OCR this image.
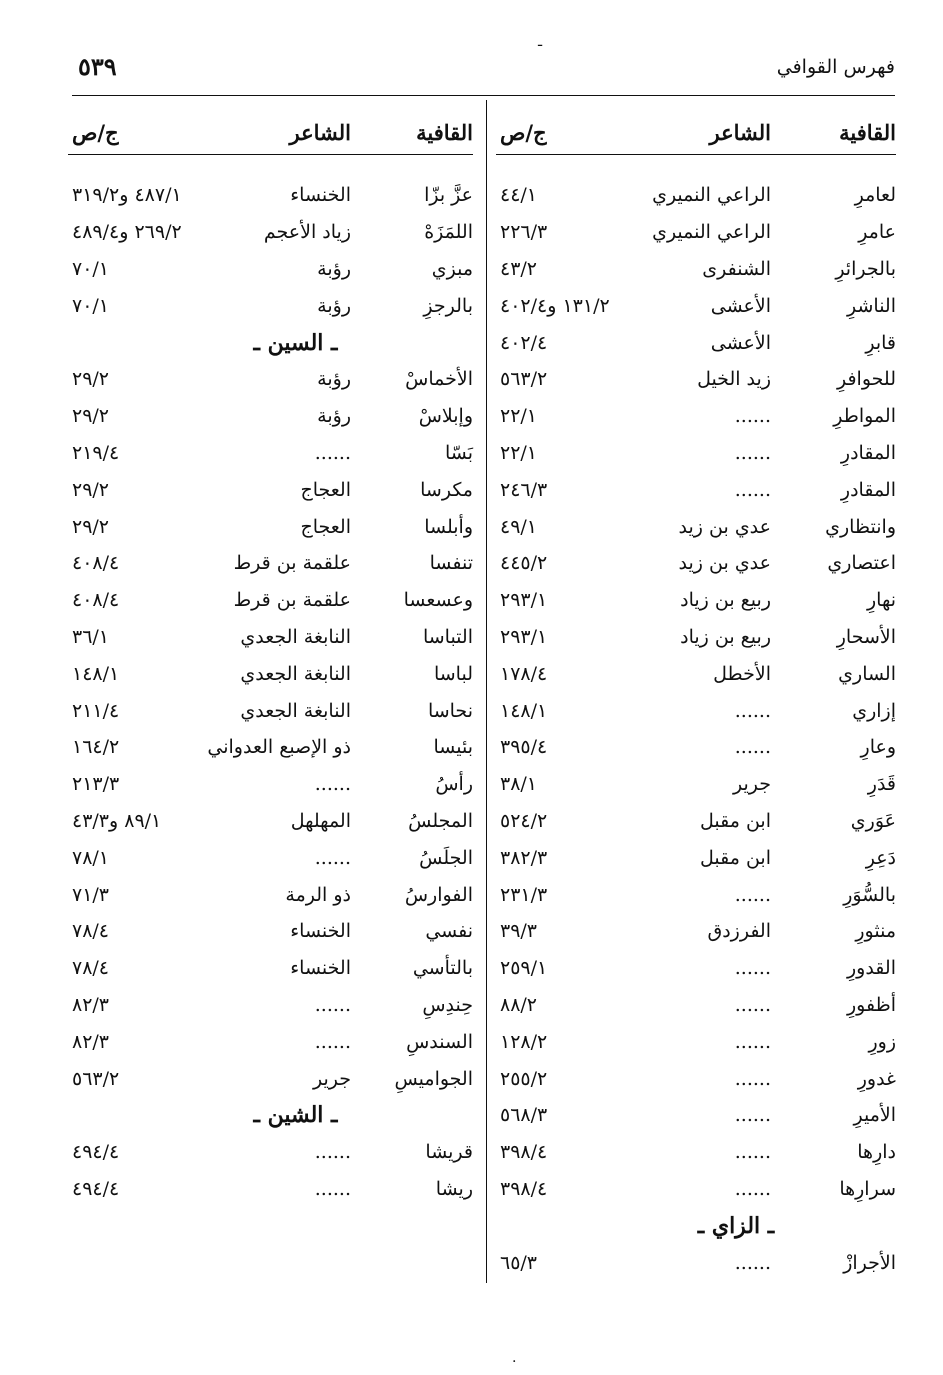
ـ
٥٣٩	فهرس القوافي
القافية
الشاعر
ج/ص
لعامرِ
الراعي النميري
٤٤/١
عامرِ
الراعي النميري
٢٢٦/٣
بالجرائرِ
الشنفرى
٤٣/٢
الناشرِ
الأعشى
١٣١/٢ و٤٠٢/٤
قابرِ
الأعشى
٤٠٢/٤
للحوافرِ
زيد الخيل
٥٦٣/٢
المواطرِ
......
٢٢/١
المقادرِ
......
٢٢/١
المقادرِ
......
٢٤٦/٣
وانتظاري
عدي بن زيد
٤٩/١
اعتصاري
عدي بن زيد
٤٤٥/٢
نهارِ
ربيع بن زياد
٢٩٣/١
الأسحارِ
ربيع بن زياد
٢٩٣/١
الساري
الأخطل
١٧٨/٤
إزاري
......
١٤٨/١
وعارِ
......
٣٩٥/٤
قَدَرِ
جرير
٣٨/١
عَوَري
ابن مقبل
٥٢٤/٢
دَعِرِ
ابن مقبل
٣٨٢/٣
بالسُّوَرِ
......
٢٣١/٣
منثورِ
الفرزدق
٣٩/٣
القدورِ
......
٢٥٩/١
أظفورِ
......
٨٨/٢
زورِ
......
١٢٨/٢
غدورِ
......
٢٥٥/٢
الأميرِ
......
٥٦٨/٣
دارِها
......
٣٩٨/٤
سرارِها
......
٣٩٨/٤
ـ الزاي ـ
الأجرازْ
......
٦٥/٣
القافية
الشاعر
ج/ص
عزَّ بزّا
الخنساء
٤٨٧/١ و٣١٩/٢
اللمَزَهْ
زياد الأعجم
٢٦٩/٢ و٤٨٩/٤
مبزي
رؤبة
٧٠/١
بالرجزِ
رؤبة
٧٠/١
ـ السين ـ
الأخماسْ
رؤبة
٢٩/٢
وإبلاسْ
رؤبة
٢٩/٢
بَسّا
......
٢١٩/٤
مكرسا
العجاج
٢٩/٢
وأبلسا
العجاج
٢٩/٢
تنفسا
علقمة بن قرط
٤٠٨/٤
وعسعسا
علقمة بن قرط
٤٠٨/٤
التباسا
النابغة الجعدي
٣٦/١
لباسا
النابغة الجعدي
١٤٨/١
نحاسا
النابغة الجعدي
٢١١/٤
بئيسا
ذو الإصبع العدواني
١٦٤/٢
رأسُ
......
٢١٣/٣
المجلسُ
المهلهل
٨٩/١ و٤٣/٣
الجلَسُ
......
٧٨/١
الفوارسُ
ذو الرمة
٧١/٣
نفسي
الخنساء
٧٨/٤
بالتأسي
الخنساء
٧٨/٤
حِندِسِ
......
٨٢/٣
السندسِ
......
٨٢/٣
الجواميسِ
جرير
٥٦٣/٢
ـ الشين ـ
قريشا
......
٤٩٤/٤
ريشا
......
٤٩٤/٤
.
